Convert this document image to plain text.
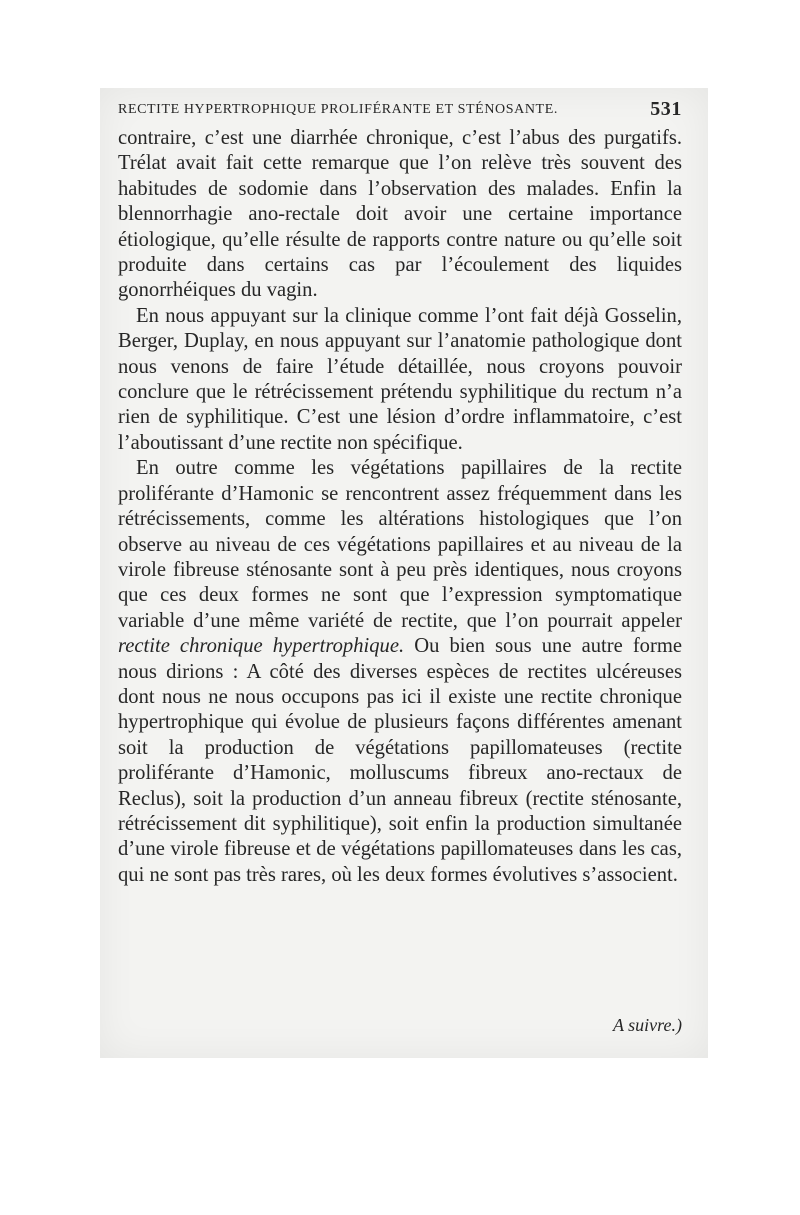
RECTITE HYPERTROPHIQUE PROLIFÉRANTE ET STÉNOSANTE.	531

contraire, c’est une diarrhée chronique, c’est l’abus des purgatifs. Trélat avait fait cette remarque que l’on relève très souvent des habitudes de sodomie dans l’observation des malades. Enfin la blennorrhagie ano-rectale doit avoir une certaine importance étiologique, qu’elle résulte de rapports contre nature ou qu’elle soit produite dans certains cas par l’écoulement des liquides gonorrhéiques du vagin.

En nous appuyant sur la clinique comme l’ont fait déjà Gosselin, Berger, Duplay, en nous appuyant sur l’anatomie pathologique dont nous venons de faire l’étude détaillée, nous croyons pouvoir conclure que le rétrécissement prétendu syphilitique du rectum n’a rien de syphilitique. C’est une lésion d’ordre inflammatoire, c’est l’aboutissant d’une rectite non spécifique.

En outre comme les végétations papillaires de la rectite proliférante d’Hamonic se rencontrent assez fréquemment dans les rétrécissements, comme les altérations histologiques que l’on observe au niveau de ces végétations papillaires et au niveau de la virole fibreuse sténosante sont à peu près identiques, nous croyons que ces deux formes ne sont que l’expression symptomatique variable d’une même variété de rectite, que l’on pourrait appeler rectite chronique hypertrophique. Ou bien sous une autre forme nous dirions : A côté des diverses espèces de rectites ulcéreuses dont nous ne nous occupons pas ici il existe une rectite chronique hypertrophique qui évolue de plusieurs façons différentes amenant soit la production de végétations papillomateuses (rectite proliférante d’Hamonic, molluscums fibreux ano-rectaux de Reclus), soit la production d’un anneau fibreux (rectite sténosante, rétrécissement dit syphilitique), soit enfin la production simultanée d’une virole fibreuse et de végétations papillomateuses dans les cas, qui ne sont pas très rares, où les deux formes évolutives s’associent.

A suivre.)
